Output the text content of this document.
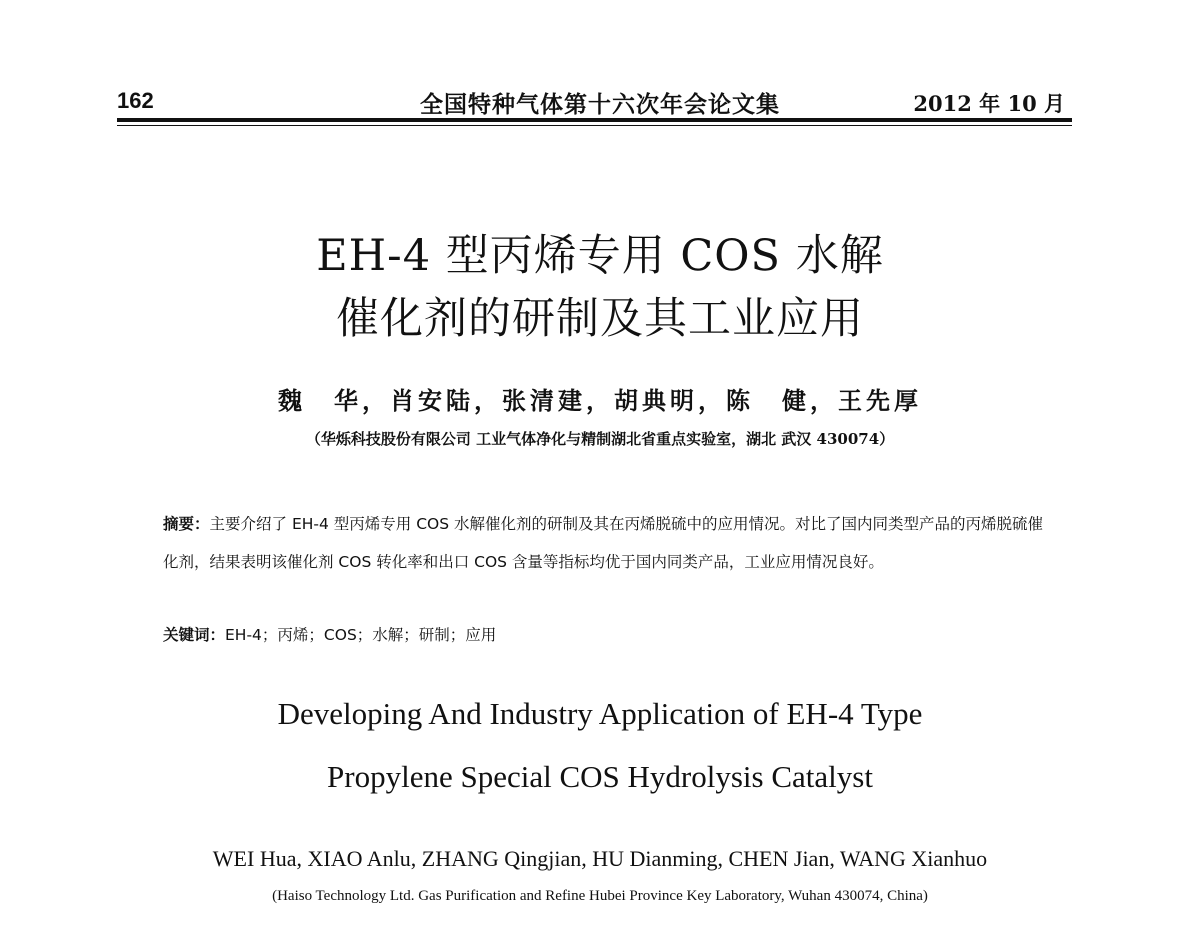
162	全国特种气体第十六次年会论文集	2012 年 10 月
EH-4 型丙烯专用 COS 水解
催化剂的研制及其工业应用
魏　华，肖安陆，张清建，胡典明，陈　健，王先厚
（华烁科技股份有限公司 工业气体净化与精制湖北省重点实验室，湖北 武汉 430074）
摘要：主要介绍了 EH-4 型丙烯专用 COS 水解催化剂的研制及其在丙烯脱硫中的应用情况。对比了国内同类型产品的丙烯脱硫催化剂，结果表明该催化剂 COS 转化率和出口 COS 含量等指标均优于国内同类产品，工业应用情况良好。
关键词：EH-4；丙烯；COS；水解；研制；应用
Developing And Industry Application of EH-4 Type
Propylene Special COS Hydrolysis Catalyst
WEI Hua, XIAO Anlu, ZHANG Qingjian, HU Dianming, CHEN Jian, WANG Xianhuo
(Haiso Technology Ltd. Gas Purification and Refine Hubei Province Key Laboratory, Wuhan 430074, China)
